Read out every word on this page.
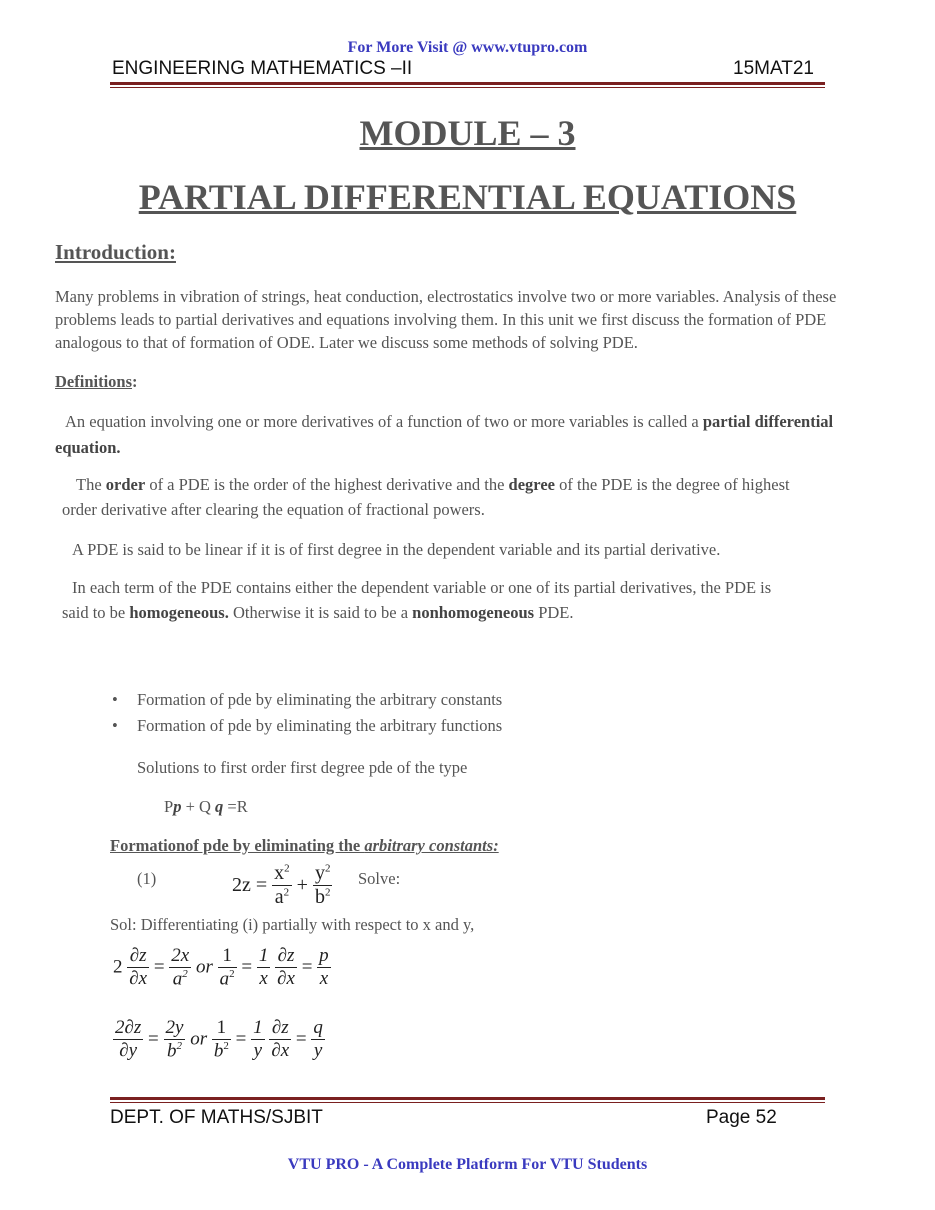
For More Visit @ www.vtupro.com
ENGINEERING MATHEMATICS –II	15MAT21
MODULE – 3
PARTIAL DIFFERENTIAL EQUATIONS
Introduction:
Many problems in vibration of strings, heat conduction, electrostatics involve two or more variables. Analysis of these
problems leads to partial derivatives and equations involving them. In this unit we first discuss the formation of PDE
analogous to that of formation of ODE. Later we discuss some methods of solving PDE.
Definitions:
An equation involving one or more derivatives of a function of two or more variables is called a partial differential
equation.
The order of a PDE is the order of the highest derivative and the degree of the PDE is the degree of highest
order derivative after clearing the equation of fractional powers.
A PDE is said to be linear if it is of first degree in the dependent variable and its partial derivative.
In each term of the PDE contains either the dependent variable or one of its partial derivatives, the PDE is
said to be homogeneous. Otherwise it is said to be a nonhomogeneous PDE.
• Formation of pde by eliminating the arbitrary constants
• Formation of pde by eliminating the arbitrary functions
Solutions to first order first degree pde of the type
Pp + Q q =R
Formationof pde by eliminating the arbitrary constants:
(1)	$2z = \frac{x^2}{a^2} + \frac{y^2}{b^2}$ Solve:
Sol: Differentiating (i) partially with respect to x and y,
$2 \frac{\partial z}{\partial x} = \frac{2x}{a^2}$ or $\frac{1}{a^2} = \frac{1}{x}$
$\frac{\partial z}{\partial x} = \frac{p}{x}$
$\frac{2\partial z}{\partial y} = \frac{2y}{b^2}$ or $\frac{1}{b^2} = \frac{1}{y}$
$\frac{\partial z}{\partial x} = \frac{q}{y}$
DEPT. OF MATHS/SJBIT	Page 52
VTU PRO - A Complete Platform For VTU Students
